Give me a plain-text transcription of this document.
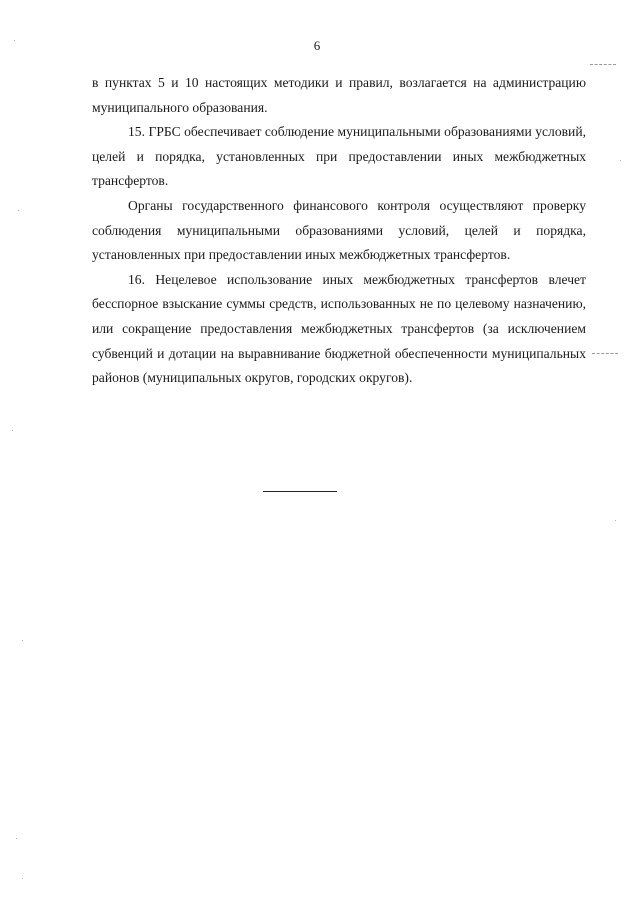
6

в пунктах 5 и 10 настоящих методики и правил, возлагается на администрацию муниципального образования.

15. ГРБС обеспечивает соблюдение муниципальными образованиями условий, целей и порядка, установленных при предоставлении иных межбюджетных трансфертов.

Органы государственного финансового контроля осуществляют проверку соблюдения муниципальными образованиями условий, целей и порядка, установленных при предоставлении иных межбюджетных трансфертов.

16. Нецелевое использование иных межбюджетных трансфертов влечет бесспорное взыскание суммы средств, использованных не по целевому назначению, или сокращение предоставления межбюджетных трансфертов (за исключением субвенций и дотации на выравнивание бюджетной обеспеченности муниципальных районов (муниципальных округов, городских округов).
